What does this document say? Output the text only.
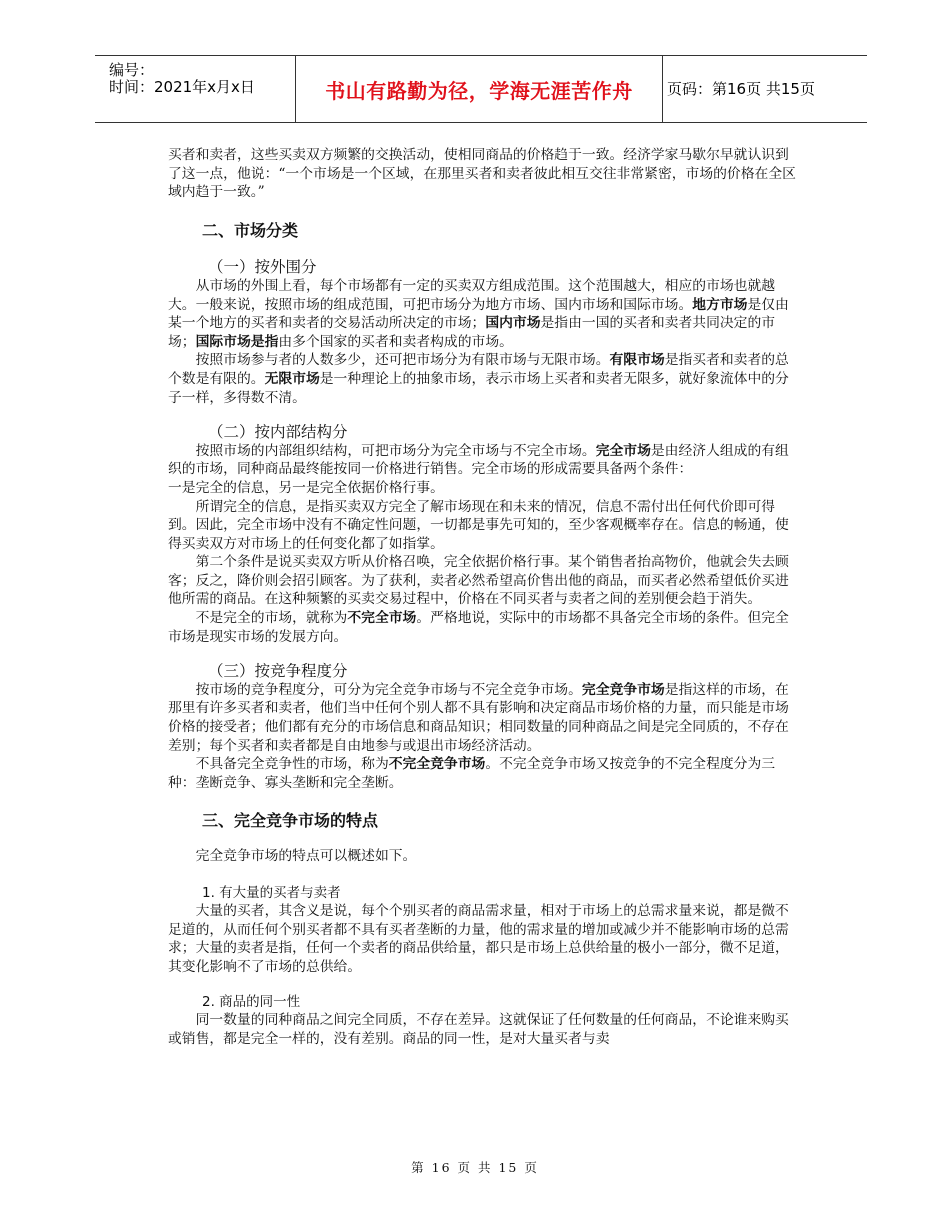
编号：
时间：2021年x月x日	书山有路勤为径，学海无涯苦作舟 页码：第16页 共15页

买者和卖者，这些买卖双方频繁的交换活动，使相同商品的价格趋于一致。经济学家马歇尔早就认识到了这一点，他说：“一个市场是一个区域，在那里买者和卖者彼此相互交往非常紧密，市场的价格在全区域内趋于一致。”

二、市场分类

（一）按外围分

从市场的外围上看，每个市场都有一定的买卖双方组成范围。这个范围越大，相应的市场也就越大。一般来说，按照市场的组成范围，可把市场分为地方市场、国内市场和国际市场。地方市场是仅由某一个地方的买者和卖者的交易活动所决定的市场；国内市场是指由一国的买者和卖者共同决定的市场；国际市场是指由多个国家的买者和卖者构成的市场。

按照市场参与者的人数多少，还可把市场分为有限市场与无限市场。有限市场是指买者和卖者的总个数是有限的。无限市场是一种理论上的抽象市场，表示市场上买者和卖者无限多，就好象流体中的分子一样，多得数不清。

（二）按内部结构分

按照市场的内部组织结构，可把市场分为完全市场与不完全市场。完全市场是由经济人组成的有组织的市场，同种商品最终能按同一价格进行销售。完全市场的形成需要具备两个条件：

一是完全的信息，另一是完全依据价格行事。

所谓完全的信息，是指买卖双方完全了解市场现在和未来的情况，信息不需付出任何代价即可得到。因此，完全市场中没有不确定性问题，一切都是事先可知的，至少客观概率存在。信息的畅通，使得买卖双方对市场上的任何变化都了如指掌。

第二个条件是说买卖双方听从价格召唤，完全依据价格行事。某个销售者抬高物价，他就会失去顾客；反之，降价则会招引顾客。为了获利，卖者必然希望高价售出他的商品，而买者必然希望低价买进他所需的商品。在这种频繁的买卖交易过程中，价格在不同买者与卖者之间的差别便会趋于消失。

不是完全的市场，就称为不完全市场。严格地说，实际中的市场都不具备完全市场的条件。但完全市场是现实市场的发展方向。

（三）按竞争程度分

按市场的竞争程度分，可分为完全竞争市场与不完全竞争市场。完全竞争市场是指这样的市场，在那里有许多买者和卖者，他们当中任何个别人都不具有影响和决定商品市场价格的力量，而只能是市场价格的接受者；他们都有充分的市场信息和商品知识；相同数量的同种商品之间是完全同质的，不存在差别；每个买者和卖者都是自由地参与或退出市场经济活动。

不具备完全竞争性的市场，称为不完全竞争市场。不完全竞争市场又按竞争的不完全程度分为三种：垄断竞争、寡头垄断和完全垄断。

三、完全竞争市场的特点

完全竞争市场的特点可以概述如下。

1. 有大量的买者与卖者

大量的买者，其含义是说，每个个别买者的商品需求量，相对于市场上的总需求量来说，都是微不足道的，从而任何个别买者都不具有买者垄断的力量，他的需求量的增加或减少并不能影响市场的总需求；大量的卖者是指，任何一个卖者的商品供给量，都只是市场上总供给量的极小一部分，微不足道，其变化影响不了市场的总供给。

2. 商品的同一性

同一数量的同种商品之间完全同质，不存在差异。这就保证了任何数量的任何商品，不论谁来购买或销售，都是完全一样的，没有差别。商品的同一性，是对大量买者与卖

第 16 页 共 15 页
